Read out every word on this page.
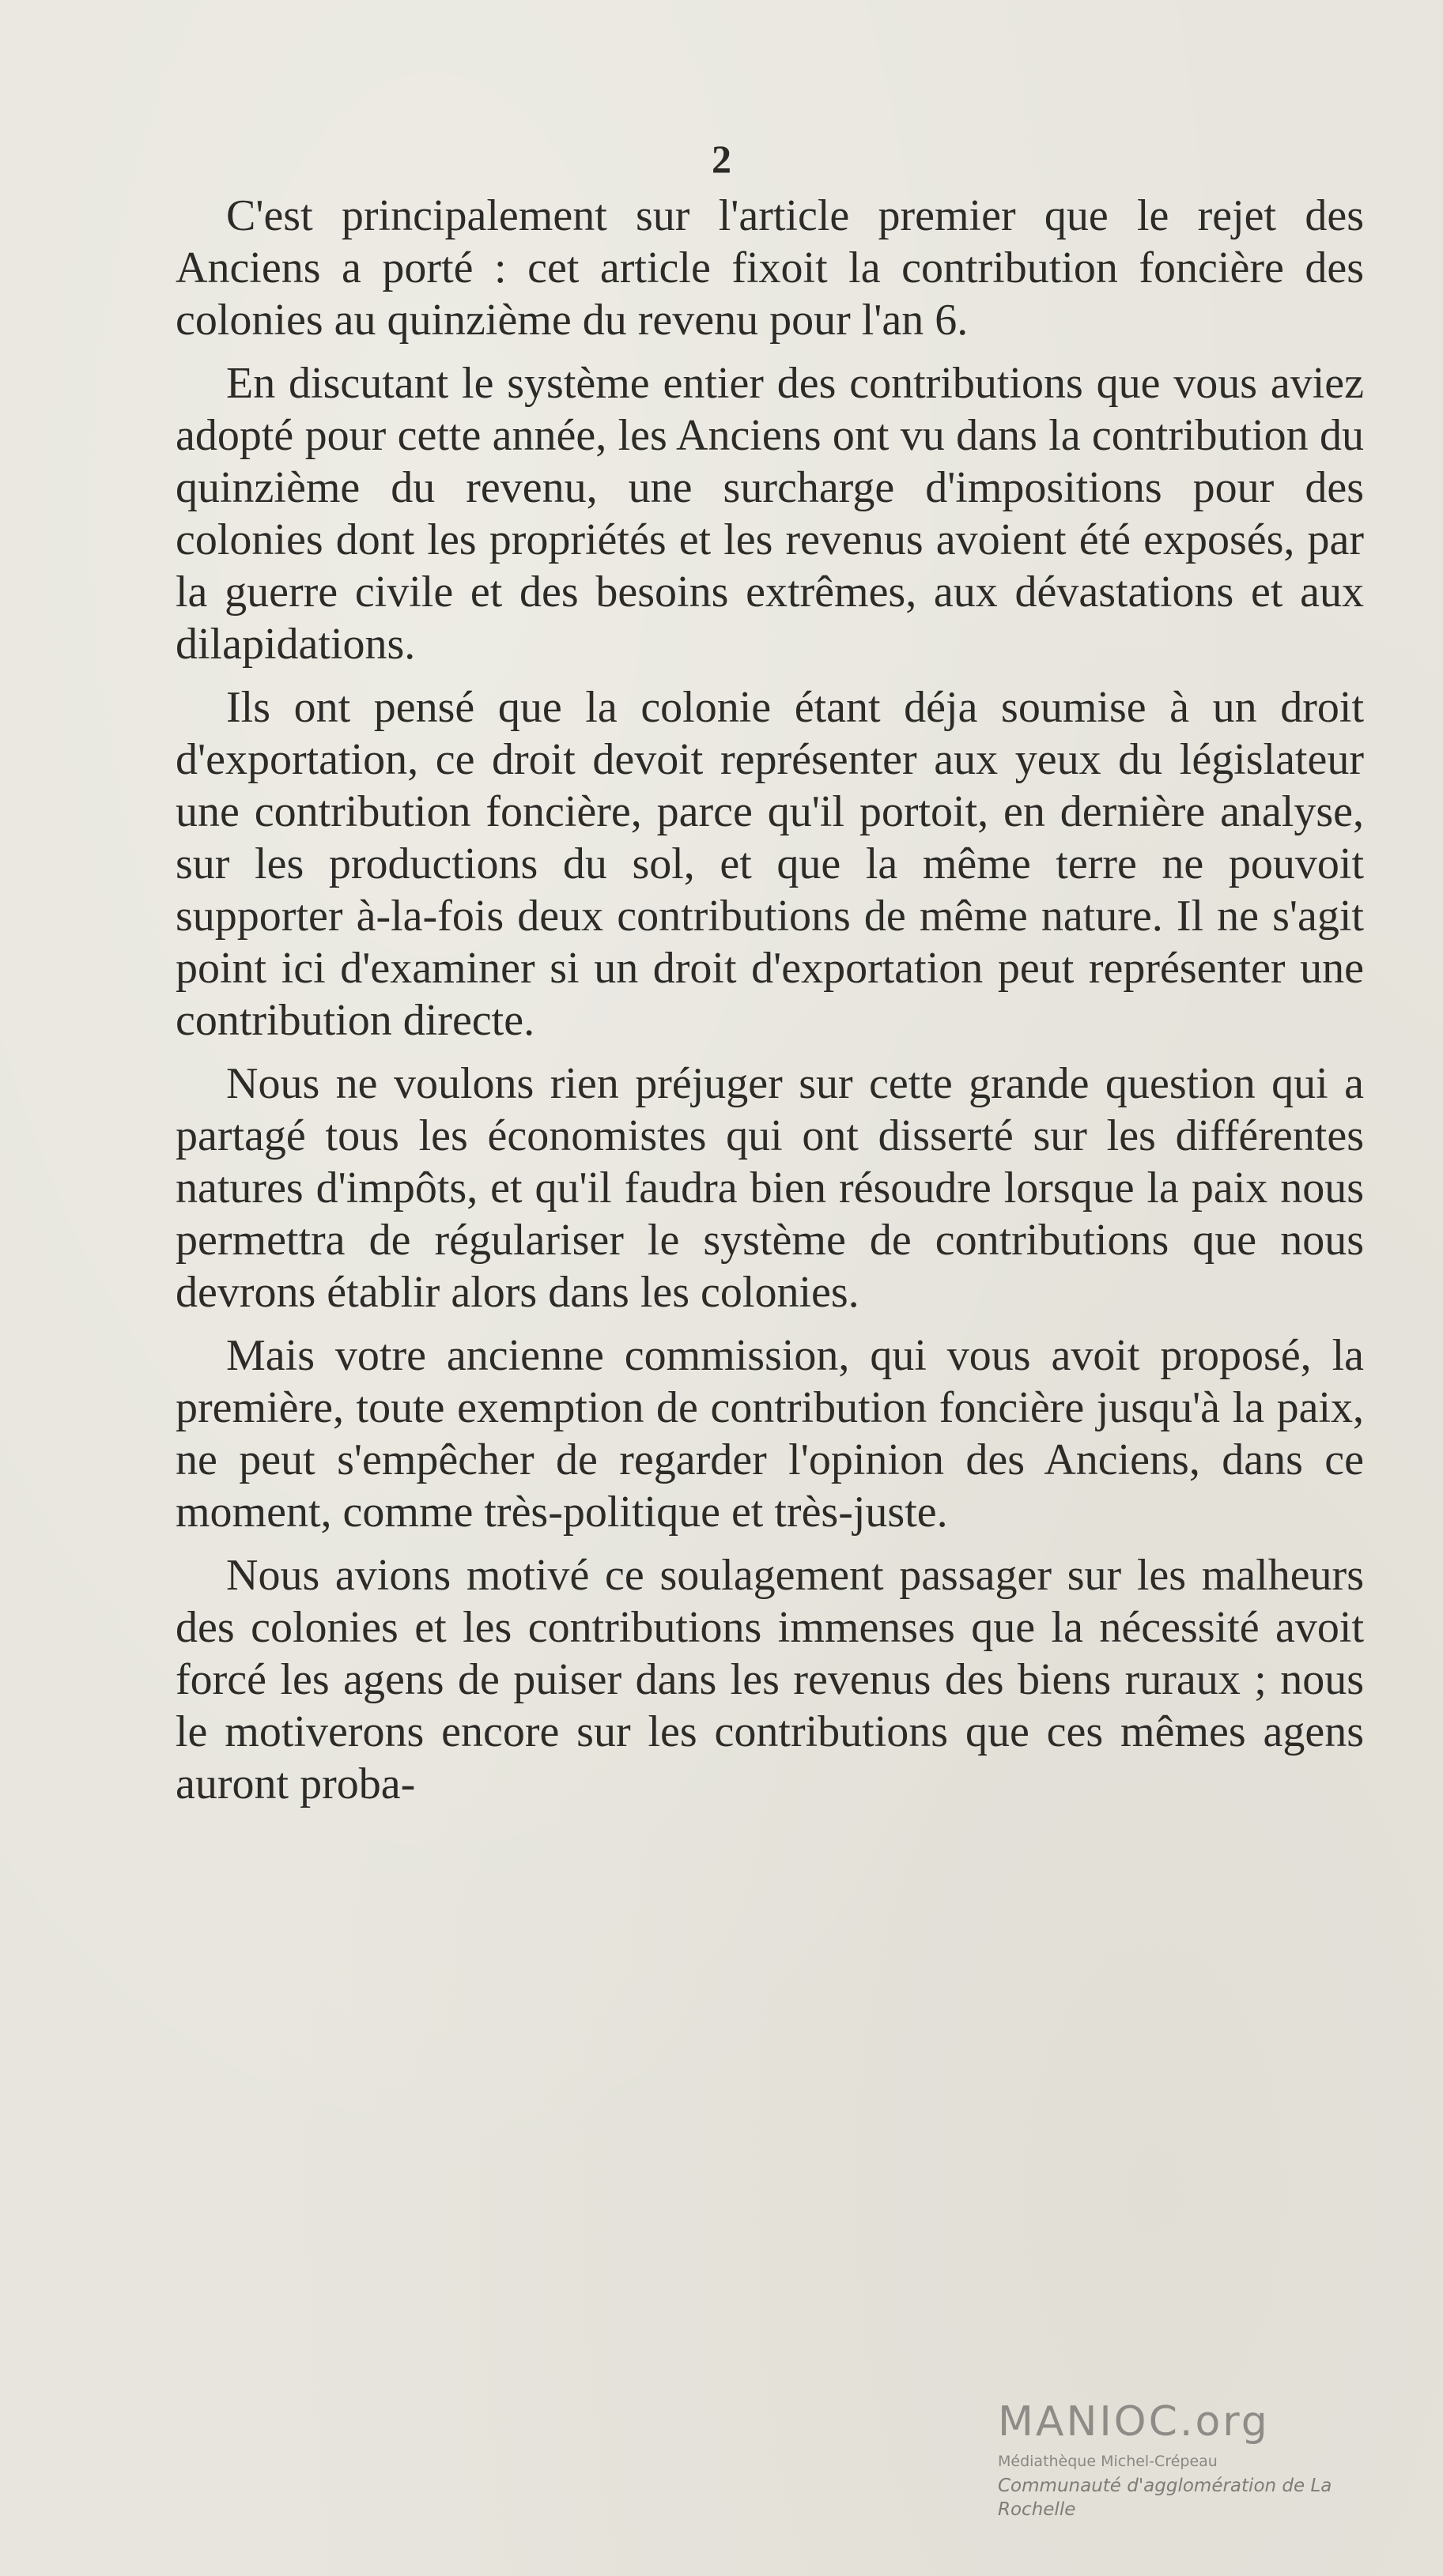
2

C'est principalement sur l'article premier que le rejet des Anciens a porté : cet article fixoit la contribution foncière des colonies au quinzième du revenu pour l'an 6.

En discutant le système entier des contributions que vous aviez adopté pour cette année, les Anciens ont vu dans la contribution du quinzième du revenu, une surcharge d'impositions pour des colonies dont les propriétés et les revenus avoient été exposés, par la guerre civile et des besoins extrêmes, aux dévastations et aux dilapidations.

Ils ont pensé que la colonie étant déja soumise à un droit d'exportation, ce droit devoit représenter aux yeux du législateur une contribution foncière, parce qu'il portoit, en dernière analyse, sur les productions du sol, et que la même terre ne pouvoit supporter à-la-fois deux contributions de même nature. Il ne s'agit point ici d'examiner si un droit d'exportation peut représenter une contribution directe.

Nous ne voulons rien préjuger sur cette grande question qui a partagé tous les économistes qui ont disserté sur les différentes natures d'impôts, et qu'il faudra bien résoudre lorsque la paix nous permettra de régulariser le système de contributions que nous devrons établir alors dans les colonies.

Mais votre ancienne commission, qui vous avoit proposé, la première, toute exemption de contribution foncière jusqu'à la paix, ne peut s'empêcher de regarder l'opinion des Anciens, dans ce moment, comme très-politique et très-juste.

Nous avions motivé ce soulagement passager sur les malheurs des colonies et les contributions immenses que la nécessité avoit forcé les agens de puiser dans les revenus des biens ruraux ; nous le motiverons encore sur les contributions que ces mêmes agens auront proba-

MANIOC.org
Médiathèque Michel-Crépeau
Communauté d'agglomération de La Rochelle
